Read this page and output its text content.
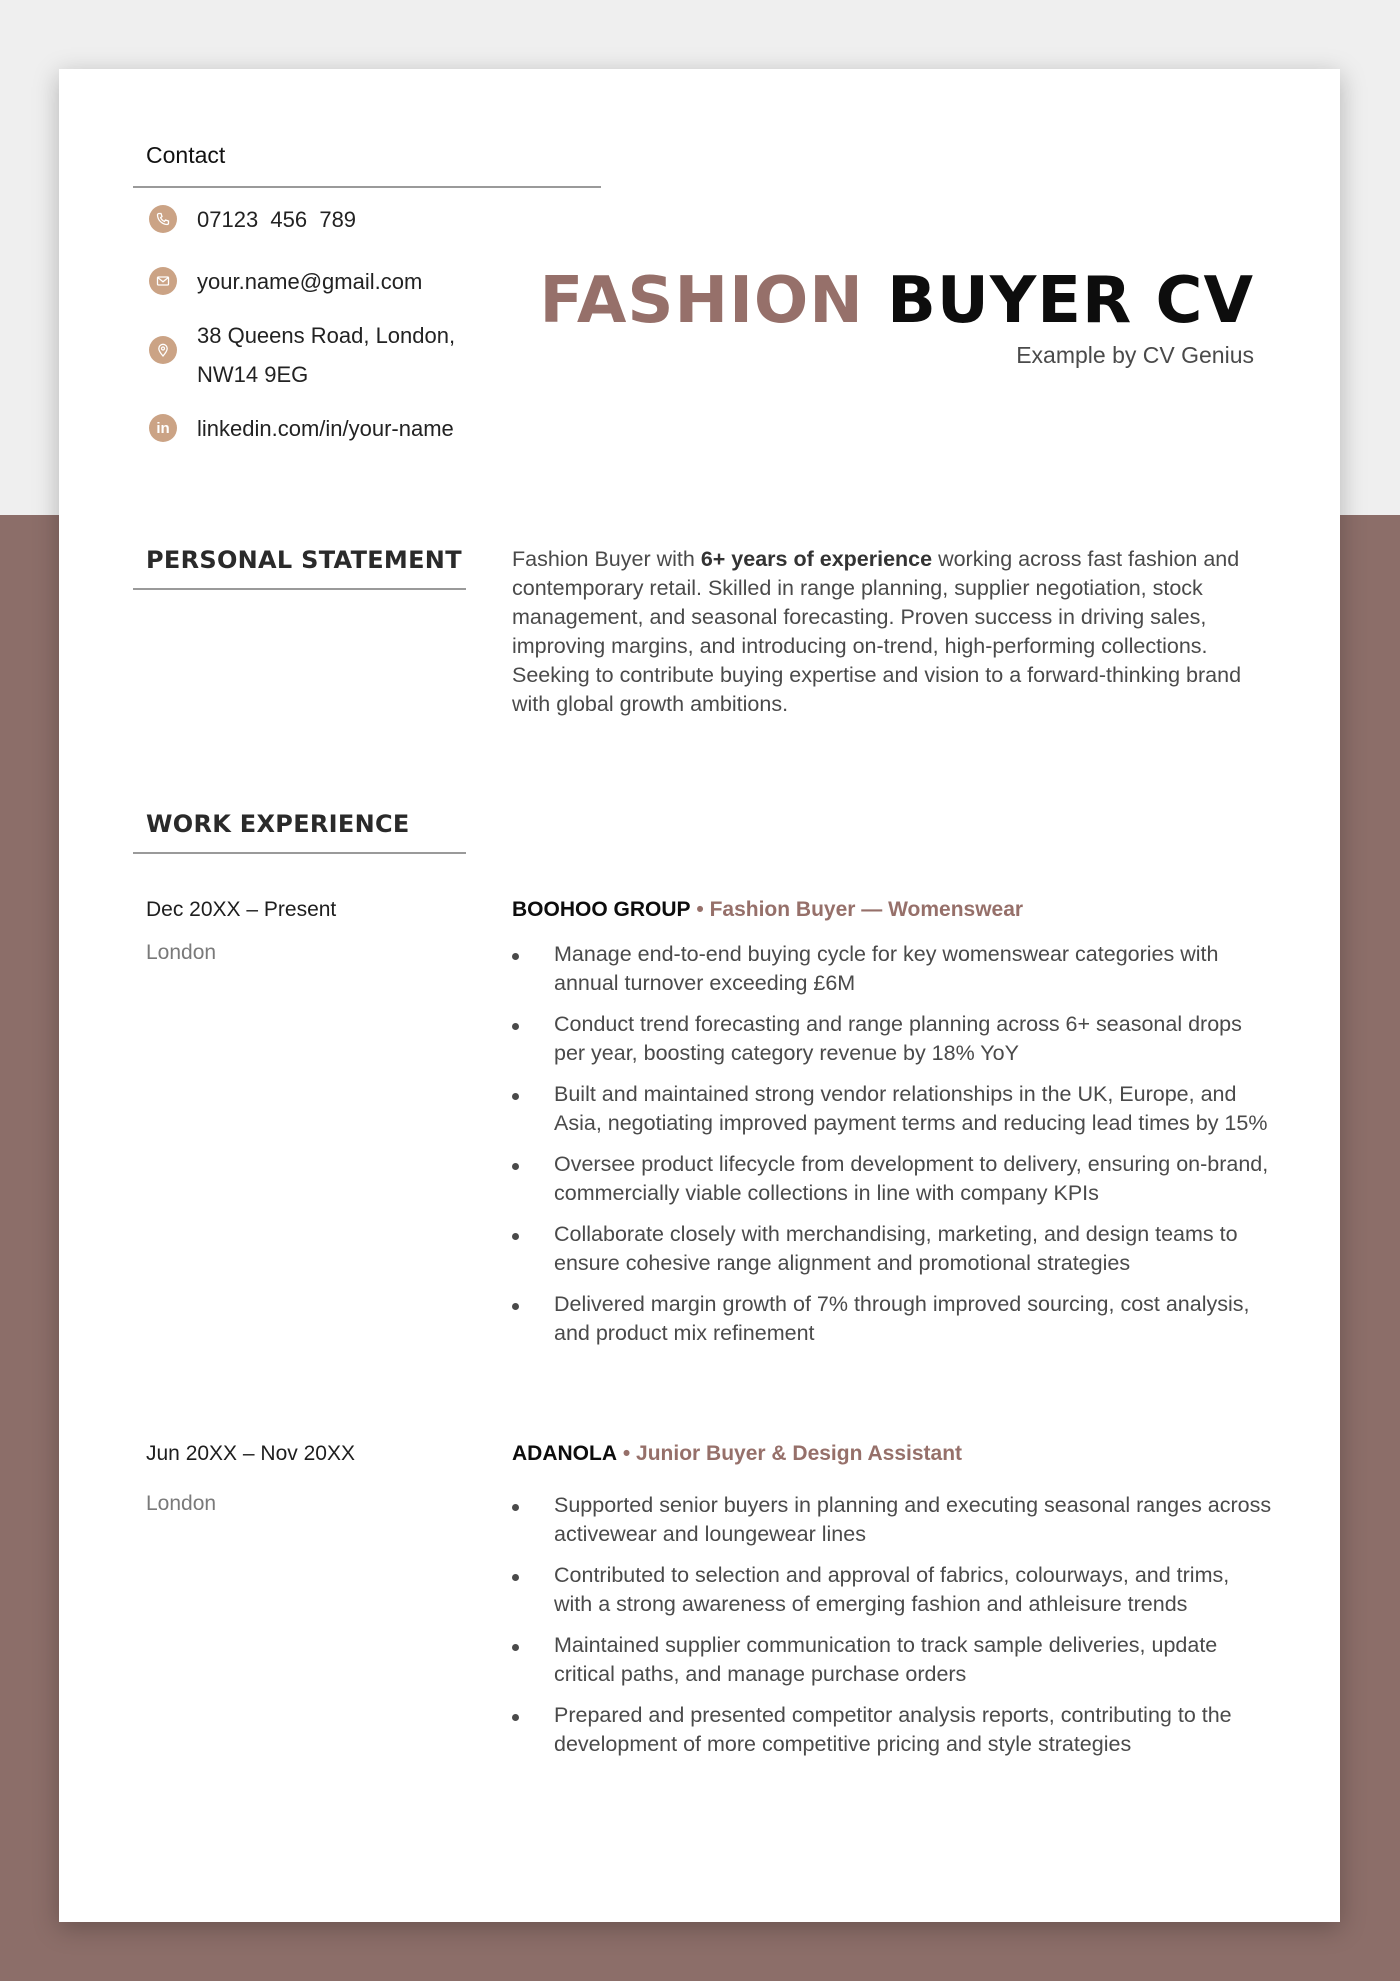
Contact
07123  456  789
your.name@gmail.com
38 Queens Road, London,
NW14 9EG
in linkedin.com/in/your-name
FASHION BUYER CV
Example by CV Genius
PERSONAL STATEMENT Fashion Buyer with 6+ years of experience working across fast fashion and contemporary retail. Skilled in range planning, supplier negotiation, stock management, and seasonal forecasting. Proven success in driving sales, improving margins, and introducing on-trend, high-performing collections. Seeking to contribute buying expertise and vision to a forward-thinking brand with global growth ambitions.
WORK EXPERIENCE
Dec 20XX – Present
London
BOOHOO GROUP • Fashion Buyer — Womenswear
Manage end-to-end buying cycle for key womenswear categories with annual turnover exceeding £6M
Conduct trend forecasting and range planning across 6+ seasonal drops per year, boosting category revenue by 18% YoY
Built and maintained strong vendor relationships in the UK, Europe, and Asia, negotiating improved payment terms and reducing lead times by 15%
Oversee product lifecycle from development to delivery, ensuring on-brand, commercially viable collections in line with company KPIs
Collaborate closely with merchandising, marketing, and design teams to ensure cohesive range alignment and promotional strategies
Delivered margin growth of 7% through improved sourcing, cost analysis, and product mix refinement
Jun 20XX – Nov 20XX
London
ADANOLA • Junior Buyer & Design Assistant
Supported senior buyers in planning and executing seasonal ranges across activewear and loungewear lines
Contributed to selection and approval of fabrics, colourways, and trims, with a strong awareness of emerging fashion and athleisure trends
Maintained supplier communication to track sample deliveries, update critical paths, and manage purchase orders
Prepared and presented competitor analysis reports, contributing to the development of more competitive pricing and style strategies
